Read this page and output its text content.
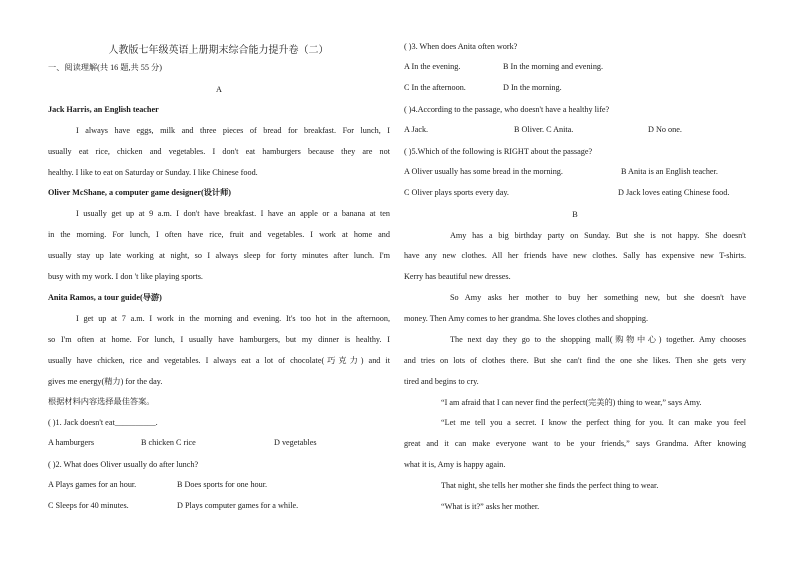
人教版七年级英语上册期末综合能力提升卷（二）
一、阅读理解(共 16 题,共 55 分)
A
Jack Harris, an English teacher
I always have eggs, milk and three pieces of bread for breakfast. For lunch, I
usually eat rice, chicken and vegetables. I don't eat hamburgers because they are not
healthy. I like to eat on Saturday or Sunday. I like Chinese food.
Oliver McShane, a computer game designer(设计师)
I usually get up at 9 a.m. I don't have breakfast. I have an apple or a banana at ten
in the morning. For lunch, I often have rice, fruit and vegetables. I work at home and
usually stay up late working at night, so I always sleep for forty minutes after lunch. I'm
busy with my work. I don 't like playing sports.
Anita Ramos, a tour guide(导游)
I get up at 7 a.m. I work in the morning and evening. It's too hot in the afternoon,
so I'm often at home. For lunch, I usually have hamburgers, but my dinner is healthy. I
usually have chicken, rice and vegetables. I always eat a lot of chocolate(巧克力) and it
gives me energy(精力) for the day.
根据材料内容选择最佳答案。
( )1. Jack doesn't eat__________.
A hamburgers	B chicken C rice	D vegetables
( )2. What does Oliver usually do after lunch?
A Plays games for an hour.	B Does sports for one hour.
C Sleeps for 40 minutes.	D Plays computer games for a while.
( )3. When does Anita often work?
A In the evening.	B In the morning and evening.
C In the afternoon.	D In the morning.
( )4.According to the passage, who doesn't have a healthy life?
A Jack.	B Oliver. C Anita.	D No one.
( )5.Which of the following is RIGHT about the passage?
A Oliver usually has some bread in the morning.	B Anita is an English teacher.
C Oliver plays sports every day.	D Jack loves eating Chinese food.
B
Amy has a big birthday party on Sunday. But she is not happy. She doesn't
have any new clothes. All her friends have new clothes. Sally has expensive new T-shirts.
Kerry has beautiful new dresses.
So Amy asks her mother to buy her something new, but she doesn't have
money. Then Amy comes to her grandma. She loves clothes and shopping.
The next day they go to the shopping mall(购物中心) together. Amy chooses
and tries on lots of clothes there. But she can't find the one she likes. Then she gets very
tired and begins to cry.
“I am afraid that I can never find the perfect(完美的) thing to wear,” says Amy.
“Let me tell you a secret. I know the perfect thing for you. It can make you feel
great and it can make everyone want to be your friends,” says Grandma. After knowing
what it is, Amy is happy again.
That night, she tells her mother she finds the perfect thing to wear.
“What is it?” asks her mother.
